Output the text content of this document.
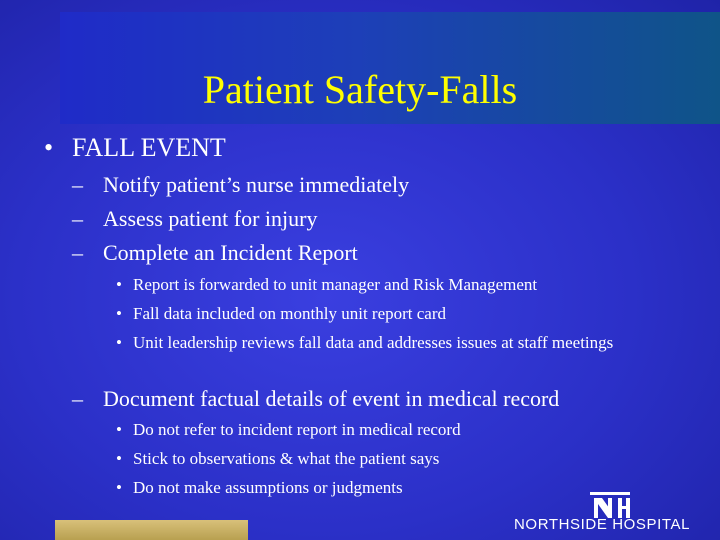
Patient Safety-Falls
• FALL EVENT
– Notify patient’s nurse immediately
– Assess patient for injury
– Complete an Incident Report
• Report is forwarded to unit manager and Risk Management
• Fall data included on monthly unit report card
• Unit leadership reviews fall data and addresses issues at staff meetings
– Document factual details of event in medical record
• Do not refer to incident report in medical record
• Stick to observations & what the patient says
• Do not make assumptions or judgments
NORTHSIDE HOSPITAL
